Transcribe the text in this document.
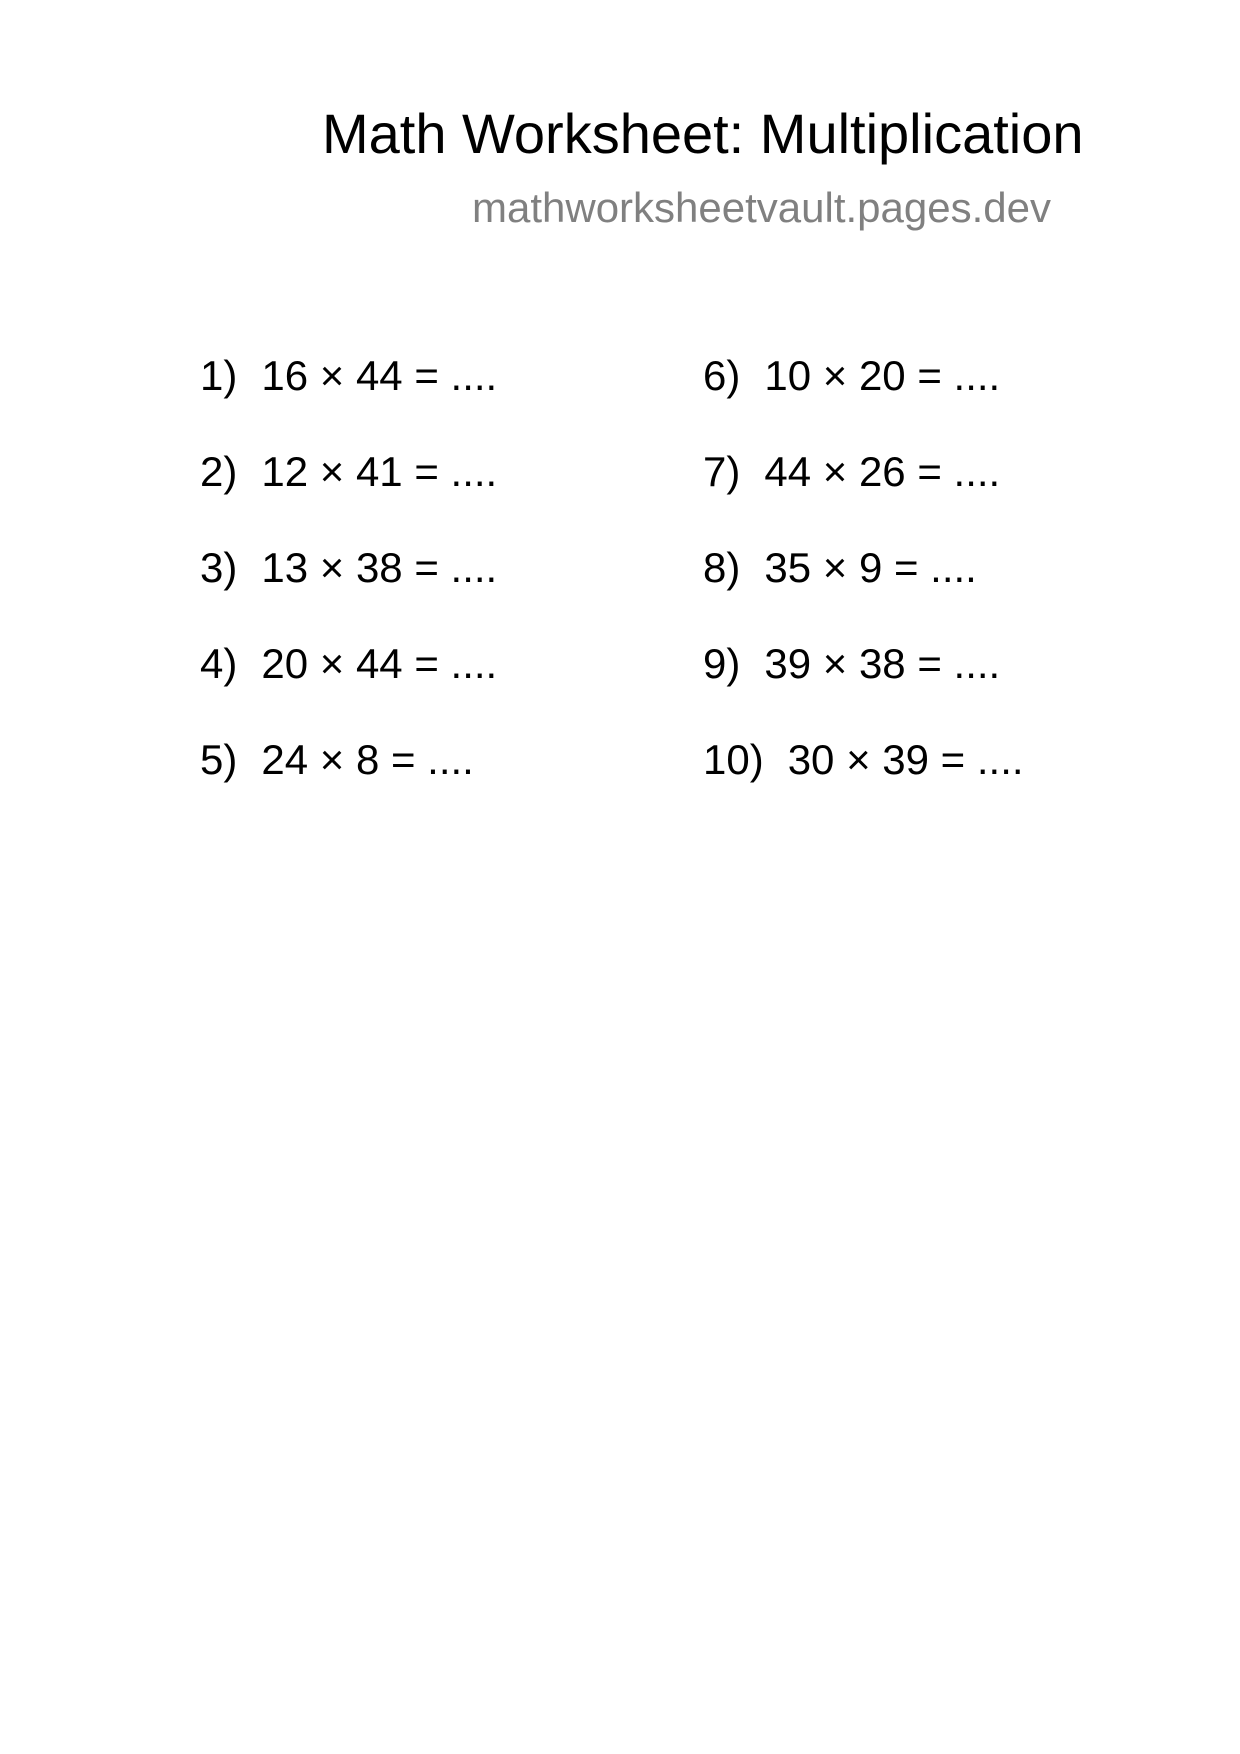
Math Worksheet: Multiplication
mathworksheetvault.pages.dev
1) 16 × 44 = ....
2) 12 × 41 = ....
3) 13 × 38 = ....
4) 20 × 44 = ....
5) 24 × 8 = ....
6) 10 × 20 = ....
7) 44 × 26 = ....
8) 35 × 9 = ....
9) 39 × 38 = ....
10) 30 × 39 = ....
